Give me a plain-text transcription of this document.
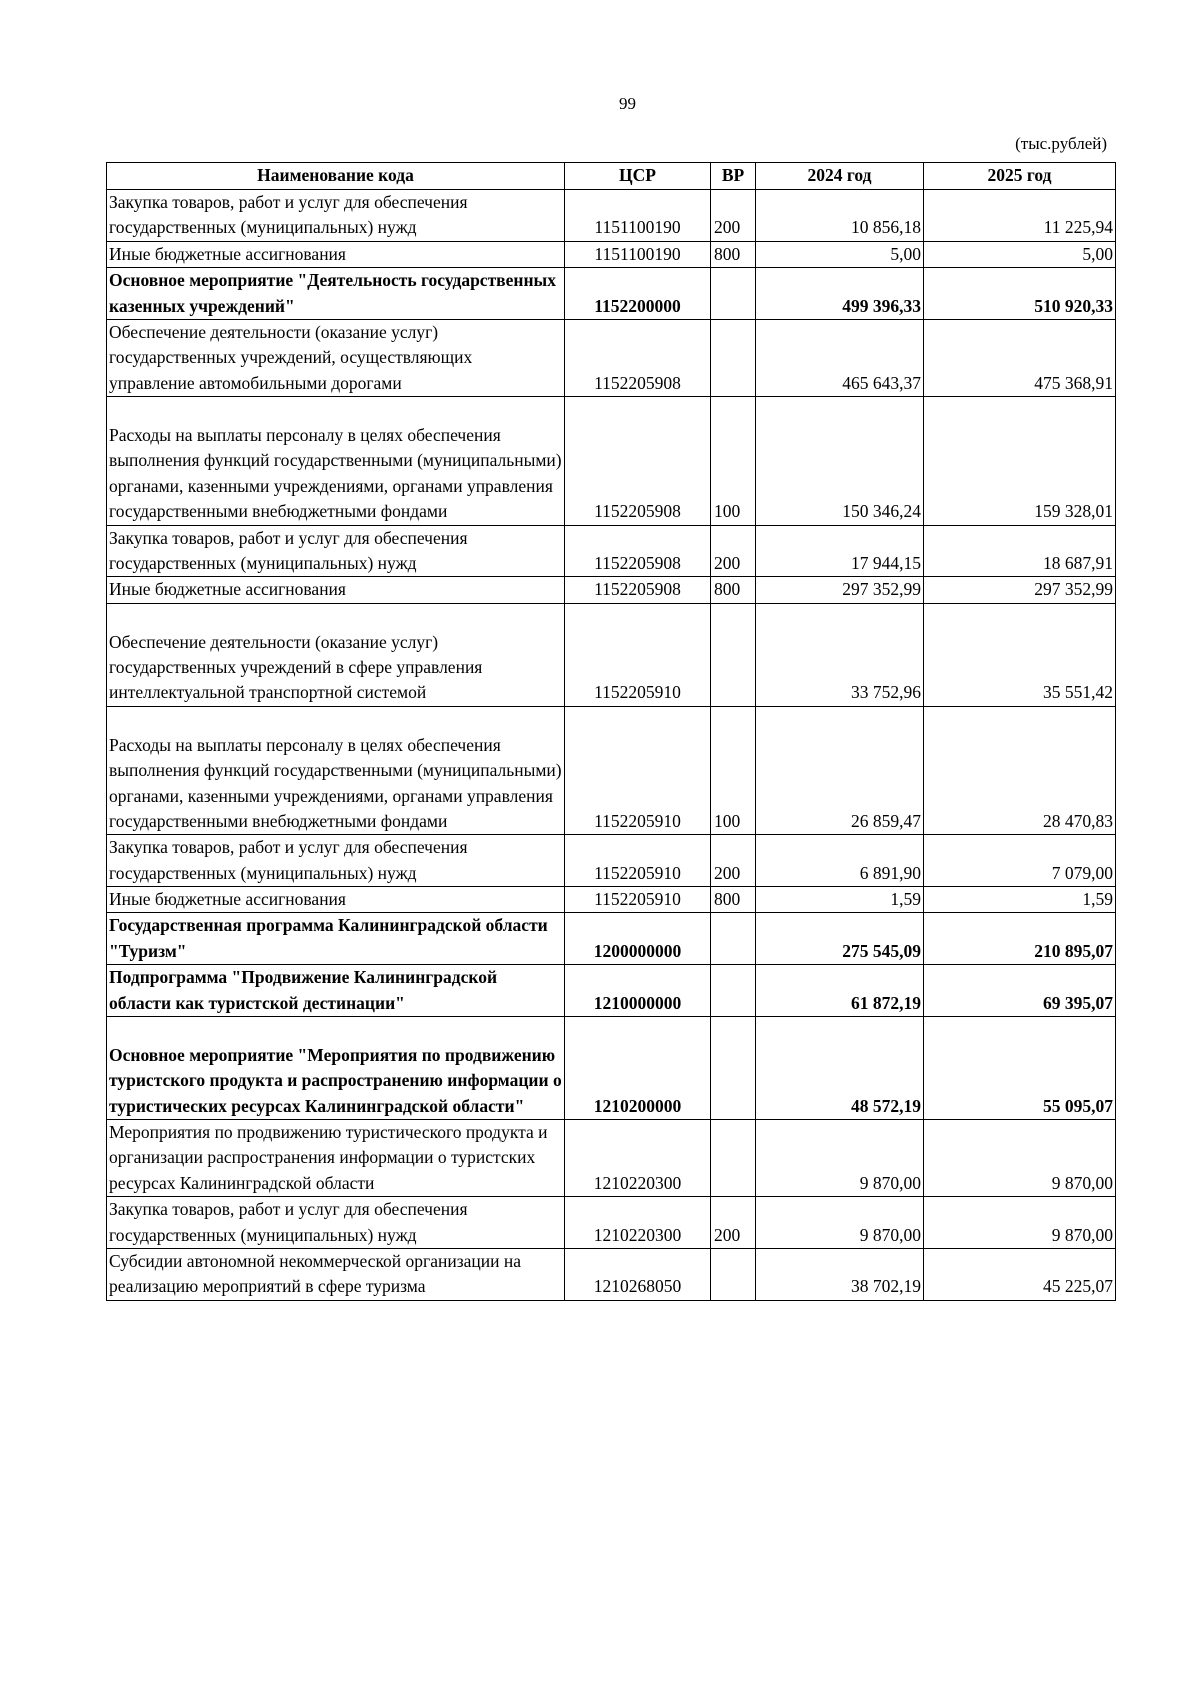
99
(тыс.рублей)
Наименование кода	ЦСР	ВР	2024 год	2025 год
Закупка товаров, работ и услуг для обеспечения государственных (муниципальных) нужд	1151100190	200	10 856,18	11 225,94
Иные бюджетные ассигнования	1151100190	800	5,00	5,00
Основное мероприятие "Деятельность государственных казенных учреждений"	1152200000		499 396,33	510 920,33
Обеспечение деятельности (оказание услуг) государственных учреждений, осуществляющих управление автомобильными дорогами	1152205908		465 643,37	475 368,91

Расходы на выплаты персоналу в целях обеспечения выполнения функций государственными (муниципальными) органами, казенными учреждениями, органами управления государственными внебюджетными фондами	1152205908	100	150 346,24	159 328,01
Закупка товаров, работ и услуг для обеспечения государственных (муниципальных) нужд	1152205908	200	17 944,15	18 687,91
Иные бюджетные ассигнования	1152205908	800	297 352,99	297 352,99

Обеспечение деятельности (оказание услуг) государственных учреждений в сфере управления интеллектуальной транспортной системой	1152205910		33 752,96	35 551,42

Расходы на выплаты персоналу в целях обеспечения выполнения функций государственными (муниципальными) органами, казенными учреждениями, органами управления государственными внебюджетными фондами	1152205910	100	26 859,47	28 470,83
Закупка товаров, работ и услуг для обеспечения государственных (муниципальных) нужд	1152205910	200	6 891,90	7 079,00
Иные бюджетные ассигнования	1152205910	800	1,59	1,59
Государственная программа Калининградской области "Туризм"	1200000000		275 545,09	210 895,07
Подпрограмма "Продвижение Калининградской области как туристской дестинации"	1210000000		61 872,19	69 395,07

Основное мероприятие "Мероприятия по продвижению туристского продукта и распространению информации о туристических ресурсах Калининградской области"	1210200000		48 572,19	55 095,07
Мероприятия по продвижению туристического продукта и организации распространения информации о туристских ресурсах Калининградской области	1210220300		9 870,00	9 870,00
Закупка товаров, работ и услуг для обеспечения государственных (муниципальных) нужд	1210220300	200	9 870,00	9 870,00
Субсидии автономной некоммерческой организации на реализацию мероприятий в сфере туризма	1210268050		38 702,19	45 225,07
